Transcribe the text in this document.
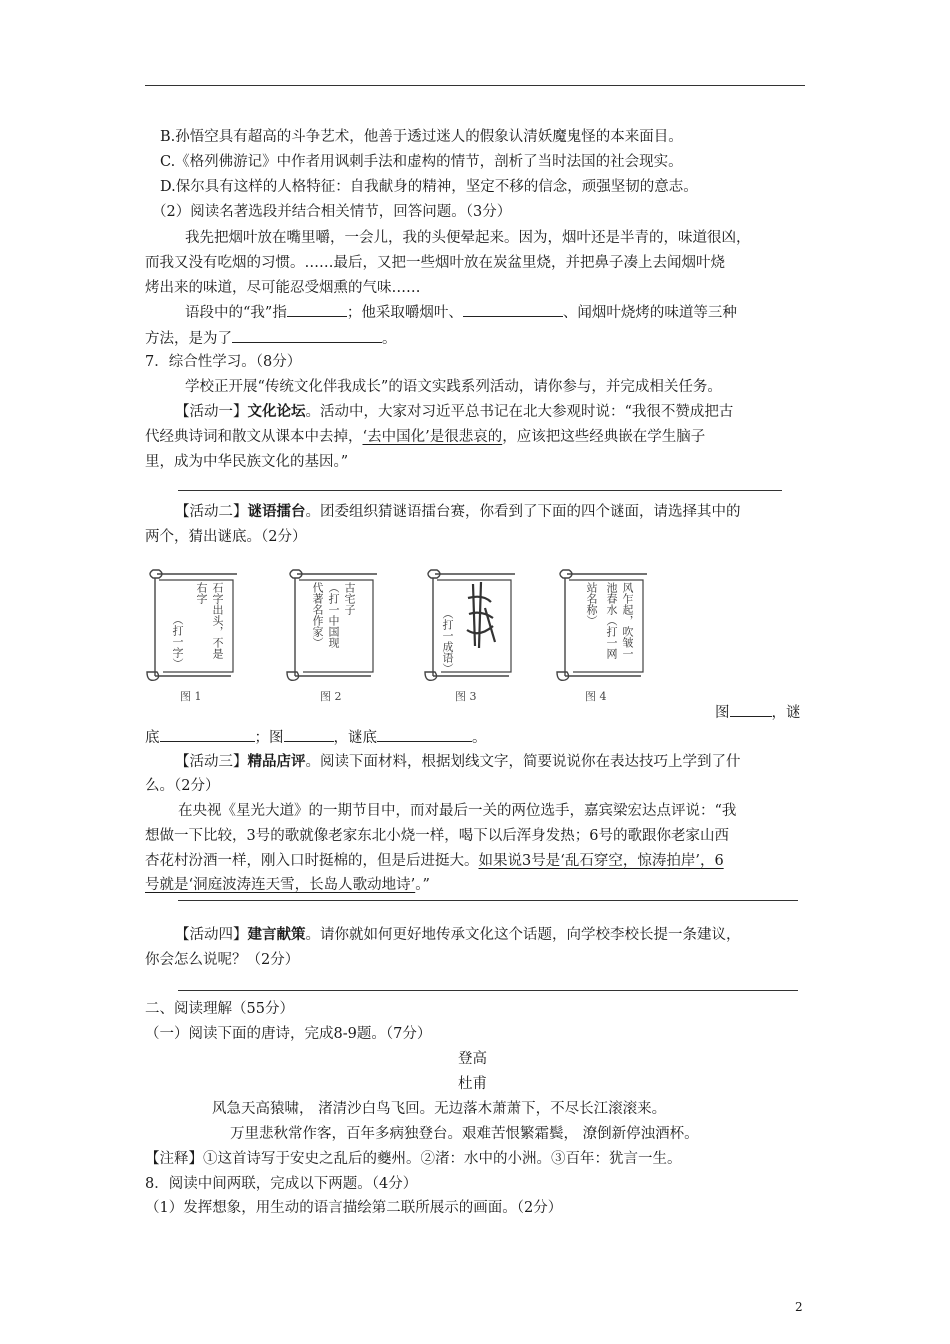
B.孙悟空具有超高的斗争艺术，他善于透过迷人的假象认清妖魔鬼怪的本来面目。
C.《格列佛游记》中作者用讽刺手法和虚构的情节，剖析了当时法国的社会现实。
D.保尔具有这样的人格特征：自我献身的精神，坚定不移的信念，顽强坚韧的意志。
（2）阅读名著选段并结合相关情节，回答问题。（3分）
我先把烟叶放在嘴里嚼，一会儿，我的头便晕起来。因为，烟叶还是半青的，味道很凶，
而我又没有吃烟的习惯。……最后，又把一些烟叶放在炭盆里烧，并把鼻子凑上去闻烟叶烧
烤出来的味道，尽可能忍受烟熏的气味……
语段中的“我”指	；他采取嚼烟叶、	、闻烟叶烧烤的味道等三种
方法，是为了	。
7．综合性学习。（8分）
学校正开展“传统文化伴我成长”的语文实践系列活动，请你参与，并完成相关任务。
【活动一】文化论坛。活动中，大家对习近平总书记在北大参观时说：“我很不赞成把古
代经典诗词和散文从课本中去掉，‘去中国化’是很悲哀的，应该把这些经典嵌在学生脑子
里，成为中华民族文化的基因。”
【活动二】谜语擂台。团委组织猜谜语擂台赛，你看到了下面的四个谜面，请选择其中的
两个，猜出谜底。（2分）
右字 石字出头，不是
（打一字）
图 1
古宅子
（打一中国现
代著名作家）
图 2
（打一成语）
图 3
风乍起，吹皱一
池春水（打一网
站名称）
图 4
图	，谜
底	；图	，谜底	。
【活动三】精品店评。阅读下面材料，根据划线文字，简要说说你在表达技巧上学到了什
么。（2分）
在央视《星光大道》的一期节目中，而对最后一关的两位选手，嘉宾梁宏达点评说：“我
想做一下比较，3号的歌就像老家东北小烧一样，喝下以后浑身发热；6号的歌跟你老家山西
杏花村汾酒一样，刚入口时挺棉的，但是后进挺大。如果说3号是‘乱石穿空，惊涛拍岸’，6
号就是‘洞庭波涛连天雪，长岛人歌动地诗’。”
【活动四】建言献策。请你就如何更好地传承文化这个话题，向学校李校长提一条建议，
你会怎么说呢？（2分）
二、阅读理解（55分）
（一）阅读下面的唐诗，完成8-9题。（7分）
登高
杜甫
风急天高猿啸， 渚清沙白鸟飞回。无边落木萧萧下，不尽长江滚滚来。
万里悲秋常作客，百年多病独登台。艰难苦恨繁霜鬓， 潦倒新停浊酒杯。
【注释】①这首诗写于安史之乱后的夔州。②渚：水中的小洲。③百年：犹言一生。
8．阅读中间两联，完成以下两题。（4分）
（1）发挥想象，用生动的语言描绘第二联所展示的画面。（2分）
2
